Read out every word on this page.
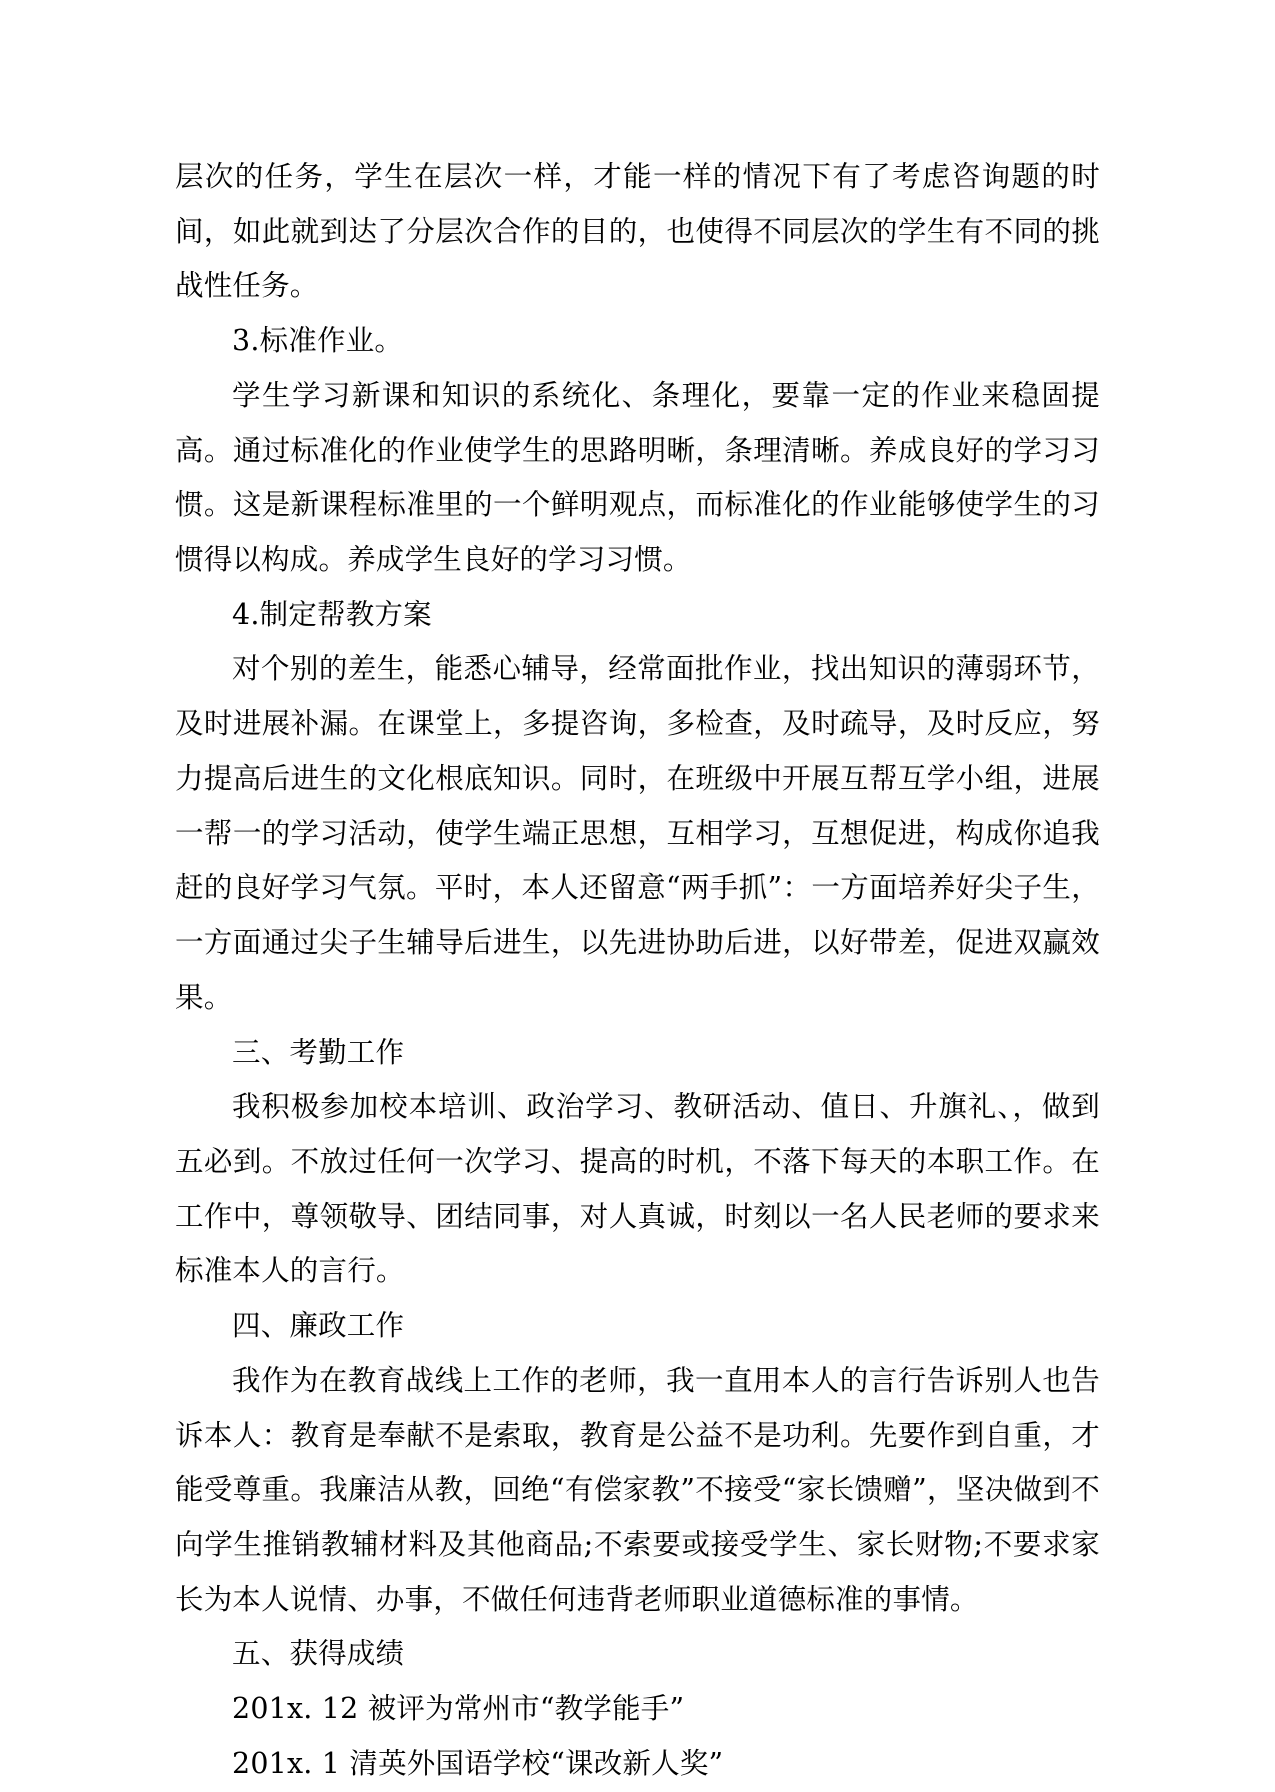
层次的任务，学生在层次一样，才能一样的情况下有了考虑咨询题的时间，如此就到达了分层次合作的目的，也使得不同层次的学生有不同的挑战性任务。

3.标准作业。

学生学习新课和知识的系统化、条理化，要靠一定的作业来稳固提高。通过标准化的作业使学生的思路明晰，条理清晰。养成良好的学习习惯。这是新课程标准里的一个鲜明观点，而标准化的作业能够使学生的习惯得以构成。养成学生良好的学习习惯。

4.制定帮教方案

对个别的差生，能悉心辅导，经常面批作业，找出知识的薄弱环节，及时进展补漏。在课堂上，多提咨询，多检查，及时疏导，及时反应，努力提高后进生的文化根底知识。同时，在班级中开展互帮互学小组，进展一帮一的学习活动，使学生端正思想，互相学习，互想促进，构成你追我赶的良好学习气氛。平时，本人还留意“两手抓”：一方面培养好尖子生，一方面通过尖子生辅导后进生，以先进协助后进，以好带差，促进双赢效果。

三、考勤工作

我积极参加校本培训、政治学习、教研活动、值日、升旗礼、，做到五必到。不放过任何一次学习、提高的时机，不落下每天的本职工作。在工作中，尊领敬导、团结同事，对人真诚，时刻以一名人民老师的要求来标准本人的言行。

四、廉政工作

我作为在教育战线上工作的老师，我一直用本人的言行告诉别人也告诉本人：教育是奉献不是索取，教育是公益不是功利。先要作到自重，才能受尊重。我廉洁从教，回绝“有偿家教”不接受“家长馈赠”，坚决做到不向学生推销教辅材料及其他商品;不索要或接受学生、家长财物;不要求家长为本人说情、办事，不做任何违背老师职业道德标准的事情。

五、获得成绩

201x. 12 被评为常州市“教学能手”

201x. 1 清英外国语学校“课改新人奖”
